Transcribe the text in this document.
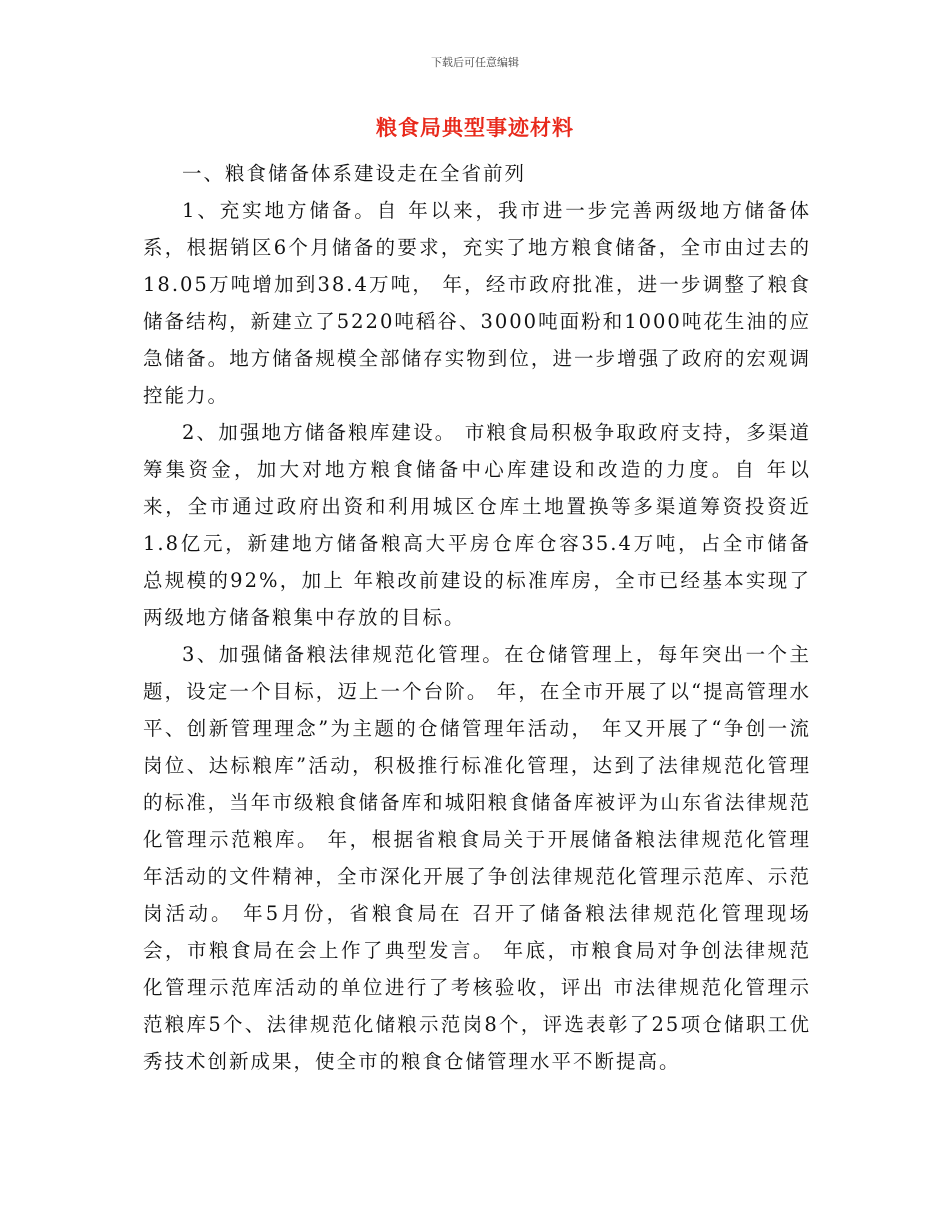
下载后可任意编辑
粮食局典型事迹材料

一、粮食储备体系建设走在全省前列

1、充实地方储备。自 年以来，我市进一步完善两级地方储备体系，根据销区6个月储备的要求，充实了地方粮食储备，全市由过去的18.05万吨增加到38.4万吨， 年，经市政府批准，进一步调整了粮食储备结构，新建立了5220吨稻谷、3000吨面粉和1000吨花生油的应急储备。地方储备规模全部储存实物到位，进一步增强了政府的宏观调控能力。

2、加强地方储备粮库建设。 市粮食局积极争取政府支持，多渠道筹集资金，加大对地方粮食储备中心库建设和改造的力度。自 年以来，全市通过政府出资和利用城区仓库土地置换等多渠道筹资投资近1.8亿元，新建地方储备粮高大平房仓库仓容35.4万吨，占全市储备总规模的92%，加上 年粮改前建设的标准库房，全市已经基本实现了两级地方储备粮集中存放的目标。

3、加强储备粮法律规范化管理。在仓储管理上，每年突出一个主题，设定一个目标，迈上一个台阶。 年，在全市开展了以“提高管理水平、创新管理理念”为主题的仓储管理年活动， 年又开展了“争创一流岗位、达标粮库”活动，积极推行标准化管理，达到了法律规范化管理的标准，当年市级粮食储备库和城阳粮食储备库被评为山东省法律规范化管理示范粮库。 年，根据省粮食局关于开展储备粮法律规范化管理年活动的文件精神，全市深化开展了争创法律规范化管理示范库、示范岗活动。 年5月份，省粮食局在 召开了储备粮法律规范化管理现场会，市粮食局在会上作了典型发言。 年底，市粮食局对争创法律规范化管理示范库活动的单位进行了考核验收，评出 市法律规范化管理示范粮库5个、法律规范化储粮示范岗8个，评选表彰了25项仓储职工优秀技术创新成果，使全市的粮食仓储管理水平不断提高。
